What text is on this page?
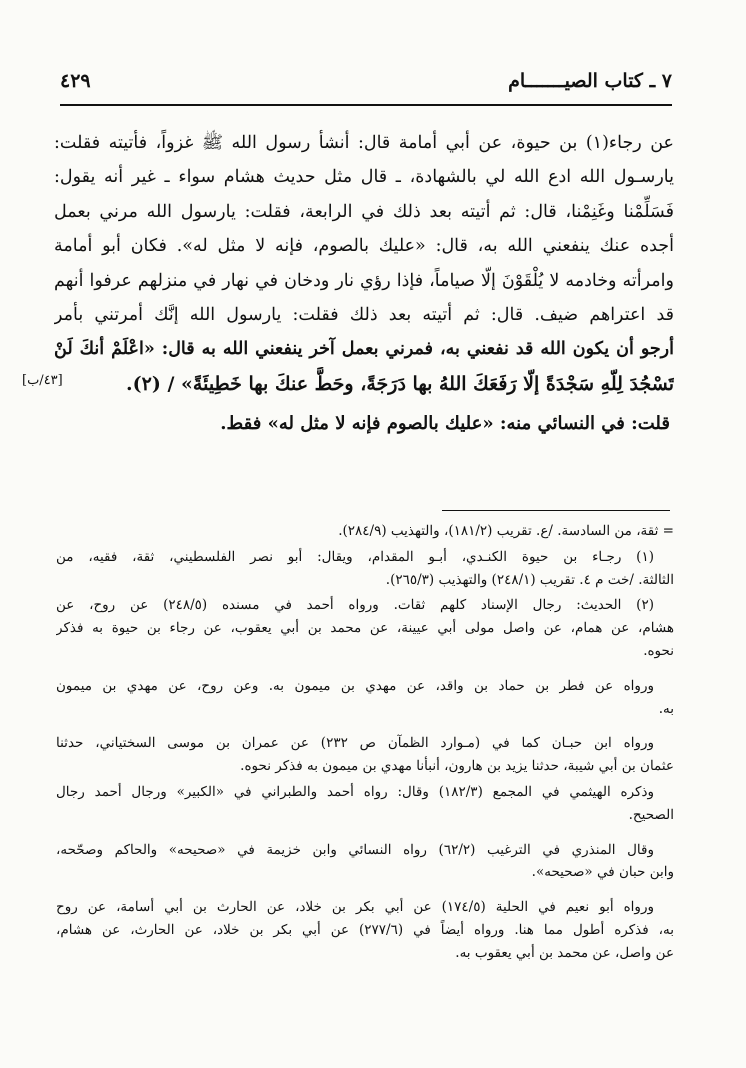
٧ ـ كتاب الصيـــــــام
٤٢٩
عن رجاء(١) بن حيوة، عن أبي أمامة قال: أنشأ رسول الله ﷺ غزواً، فأتيته فقلت:
يارسـول الله ادع الله لي بالشهادة، ـ قال مثل حديث هشام سواء ـ غير أنه يقول:
فَسَلِّمْنا وغَنِمْنا، قال: ثم أتيته بعد ذلك في الرابعة، فقلت: يارسول الله مرني بعمل
أجده عنك ينفعني الله به، قال: «عليك بالصوم، فإنه لا مثل له». فكان أبو أمامة
وامرأته وخادمه لا يُلْقَوْنَ إلّا صياماً، فإذا رؤي نار ودخان في نهار في منزلهم عرفوا أنهم
قد اعتراهم ضيف. قال: ثم أتيته بعد ذلك فقلت: يارسول الله إنَّك أمرتني بأمر
أرجو أن يكون الله قد نفعني به، فمرني بعمل آخر ينفعني الله به قال: «اعْلَمْ أنكَ لَنْ
تَسْجُدَ لِلّهِ سَجْدَةً إلّا رَفَعَكَ اللهُ بها دَرَجَةً، وحَطَّ عنكَ بها خَطِيئَةً» / (٢).
[٤٣/ب]
قلت: في النسائي منه: «عليك بالصوم فإنه لا مثل له» فقط.
= ثقة، من السادسة. /ع. تقريب (١٨١/٢)، والتهذيب (٢٨٤/٩).
(١) رجـاء بن حيوة الكنـدي، أبـو المقدام، ويقال: أبو نصر الفلسطيني، ثقة، فقيه، من
الثالثة. /خت م ٤. تقريب (٢٤٨/١) والتهذيب (٢٦٥/٣).
(٢) الحديث: رجال الإسناد كلهم ثقات. ورواه أحمد في مسنده (٢٤٨/٥) عن روح، عن
هشام، عن همام، عن واصل مولى أبي عيينة، عن محمد بن أبي يعقوب، عن رجاء بن حيوة به فذكر
نحوه.
ورواه عن فطر بن حماد بن واقد، عن مهدي بن ميمون به. وعن روح، عن مهدي بن ميمون
به.
ورواه ابن حبـان كما في (مـوارد الظمآن ص ٢٣٢) عن عمران بن موسى السختياني، حدثنا
عثمان بن أبي شيبة، حدثنا يزيد بن هارون، أنبأنا مهدي بن ميمون به فذكر نحوه.
وذكره الهيثمي في المجمع (١٨٢/٣) وقال: رواه أحمد والطبراني في «الكبير» ورجال أحمد رجال
الصحيح.
وقال المنذري في الترغيب (٦٢/٢) رواه النسائي وابن خزيمة في «صحيحه» والحاكم وصحّحه،
وابن حبان في «صحيحه».
ورواه أبو نعيم في الحلية (١٧٤/٥) عن أبي بكر بن خلاد، عن الحارث بن أبي أسامة، عن روح
به، فذكره أطول مما هنا. ورواه أيضاً في (٢٧٧/٦) عن أبي بكر بن خلاد، عن الحارث، عن هشام،
عن واصل، عن محمد بن أبي يعقوب به.
